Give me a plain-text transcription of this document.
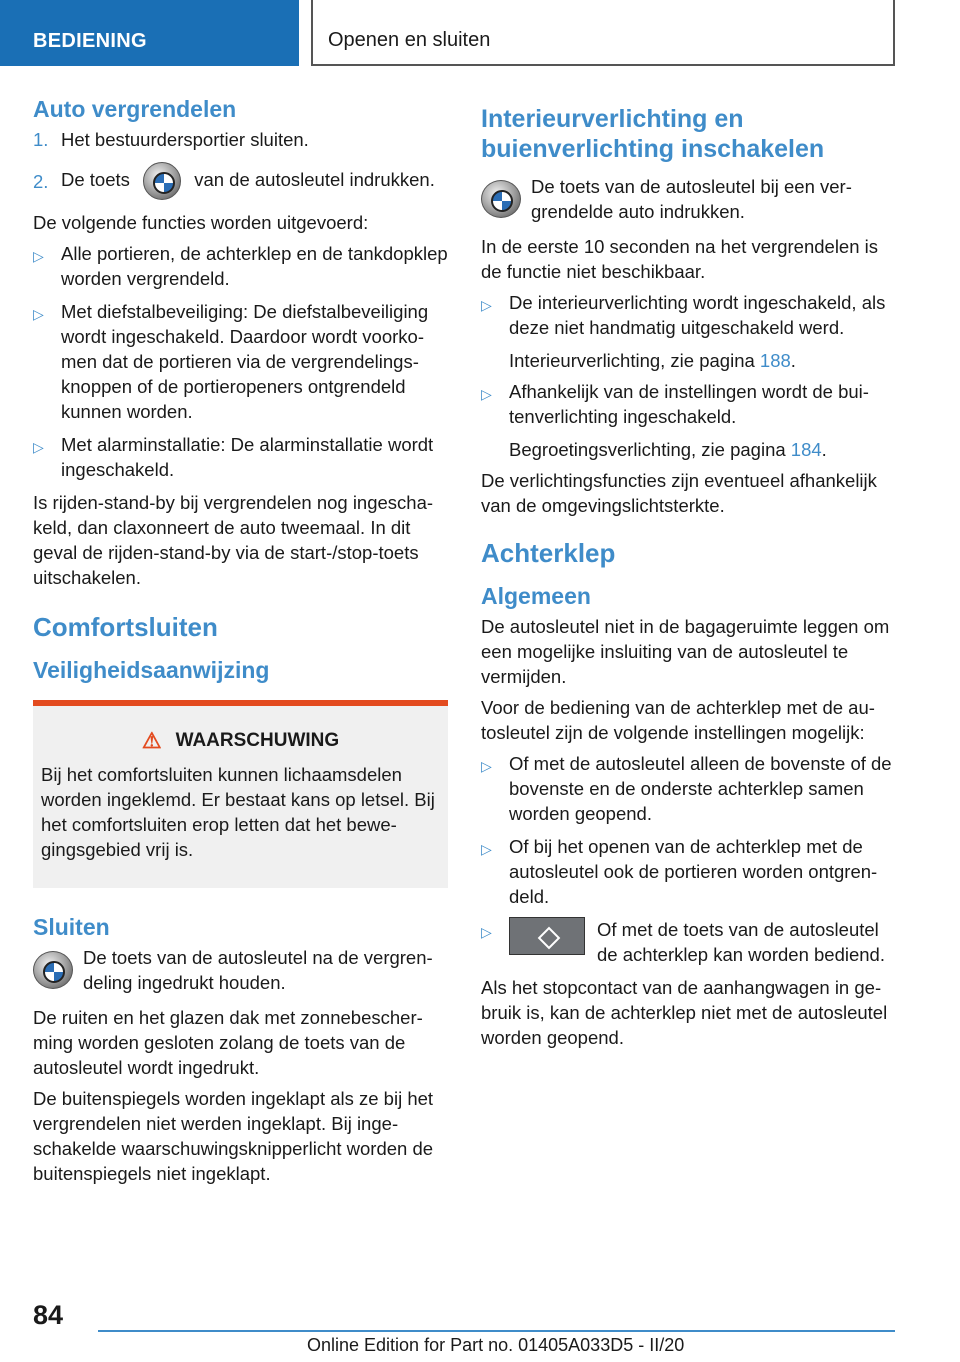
BEDIENING	Openen en sluiten
Auto vergrendelen
1. Het bestuurdersportier sluiten.
2. De toets	van de autosleutel indrukken.

De volgende functies worden uitgevoerd:

▷ Alle portieren, de achterklep en de tankdopklep worden vergrendeld.
▷ Met diefstalbeveiliging: De diefstalbeveiliging wordt ingeschakeld. Daardoor wordt voorkomen dat de portieren via de vergrendelingsknoppen of de portieropeners ontgrendeld kunnen worden.
▷ Met alarminstallatie: De alarminstallatie wordt ingeschakeld.

Is rijden-stand-by bij vergrendelen nog ingeschakeld, dan claxonneert de auto tweemaal. In dit geval de rijden-stand-by via de start-/stop-toets uitschakelen.

Comfortsluiten
Veiligheidsaanwijzing
⚠ WAARSCHUWING

Bij het comfortsluiten kunnen lichaamsdelen worden ingeklemd. Er bestaat kans op letsel. Bij het comfortsluiten erop letten dat het bewegingsgebied vrij is.

Sluiten
De toets van de autosleutel na de vergrendeling ingedrukt houden.

De ruiten en het glazen dak met zonnebescherming worden gesloten zolang de toets van de autosleutel wordt ingedrukt.

De buitenspiegels worden ingeklapt als ze bij het vergrendelen niet werden ingeklapt. Bij ingeschakelde waarschuwingsknipperlicht worden de buitenspiegels niet ingeklapt.

Interieurverlichting en buienverlichting inschakelen
De toets van de autosleutel bij een vergrendelde auto indrukken.

In de eerste 10 seconden na het vergrendelen is de functie niet beschikbaar.

▷ De interieurverlichting wordt ingeschakeld, als deze niet handmatig uitgeschakeld werd.

Interieurverlichting, zie pagina 188.

▷ Afhankelijk van de instellingen wordt de buitenverlichting ingeschakeld.

Begroetingsverlichting, zie pagina 184.

De verlichtingsfuncties zijn eventueel afhankelijk van de omgevingslichtsterkte.

Achterklep
Algemeen

De autosleutel niet in de bagageruimte leggen om een mogelijke insluiting van de autosleutel te vermijden.

Voor de bediening van de achterklep met de autosleutel zijn de volgende instellingen mogelijk:

▷ Of met de autosleutel alleen de bovenste of de bovenste en de onderste achterklep samen worden geopend.
▷ Of bij het openen van de achterklep met de autosleutel ook de portieren worden ontgrendeld.
▷	Of met de toets van de autosleutel de achterklep kan worden bediend.

Als het stopcontact van de aanhangwagen in gebruik is, kan de achterklep niet met de autosleutel worden geopend.

84
Online Edition for Part no. 01405A033D5 - II/20
